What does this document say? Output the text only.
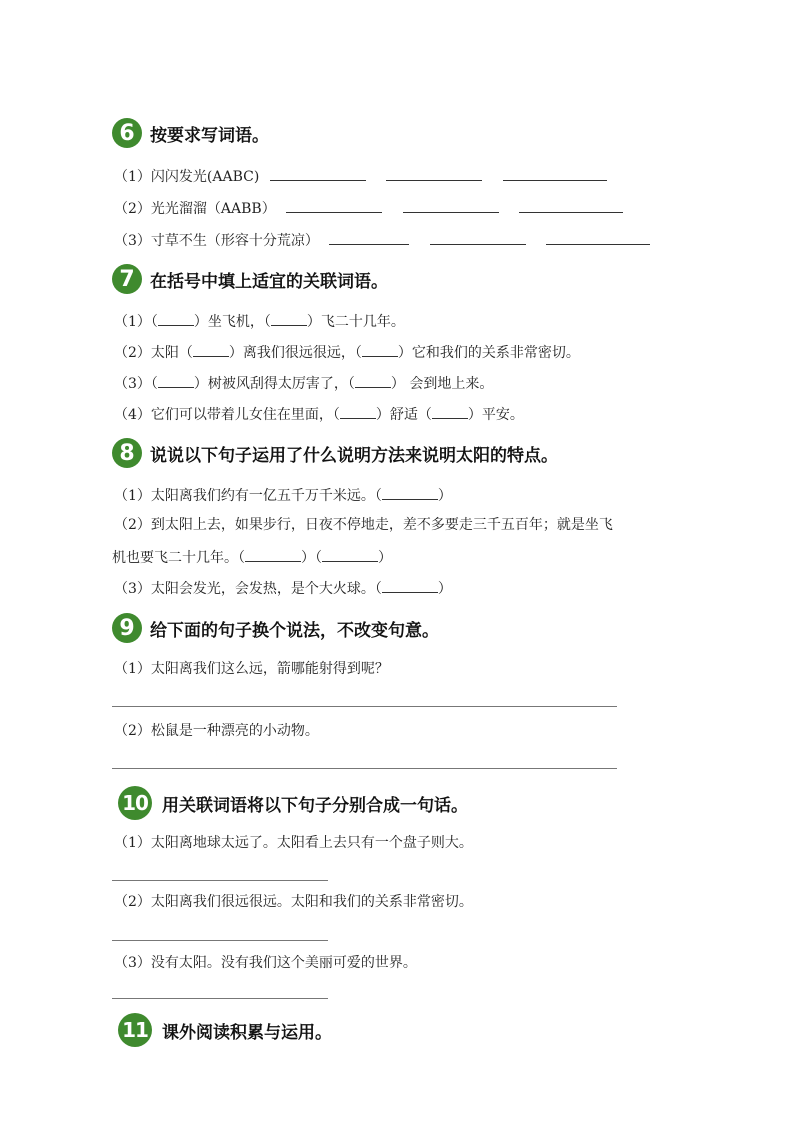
6 按要求写词语。
（1）闪闪发光(AABC)
（2）光光溜溜（AABB）
（3）寸草不生（形容十分荒凉）
7 在括号中填上适宜的关联词语。
（1）（	）坐飞机，（	）飞二十几年。
（2）太阳（	）离我们很远很远，（	）它和我们的关系非常密切。
（3）（	）树被风刮得太厉害了，（	） 会到地上来。
（4）它们可以带着儿女住在里面，（	）舒适（	）平安。
8 说说以下句子运用了什么说明方法来说明太阳的特点。
（1）太阳离我们约有一亿五千万千米远。（	）
（2）到太阳上去，如果步行，日夜不停地走，差不多要走三千五百年；就是坐飞
机也要飞二十几年。（	）（	）
（3）太阳会发光，会发热，是个大火球。（	）
9 给下面的句子换个说法，不改变句意。
（1）太阳离我们这么远，箭哪能射得到呢？
（2）松鼠是一种漂亮的小动物。
10 用关联词语将以下句子分别合成一句话。
（1）太阳离地球太远了。太阳看上去只有一个盘子则大。
（2）太阳离我们很远很远。太阳和我们的关系非常密切。
（3）没有太阳。没有我们这个美丽可爱的世界。
11 课外阅读积累与运用。
